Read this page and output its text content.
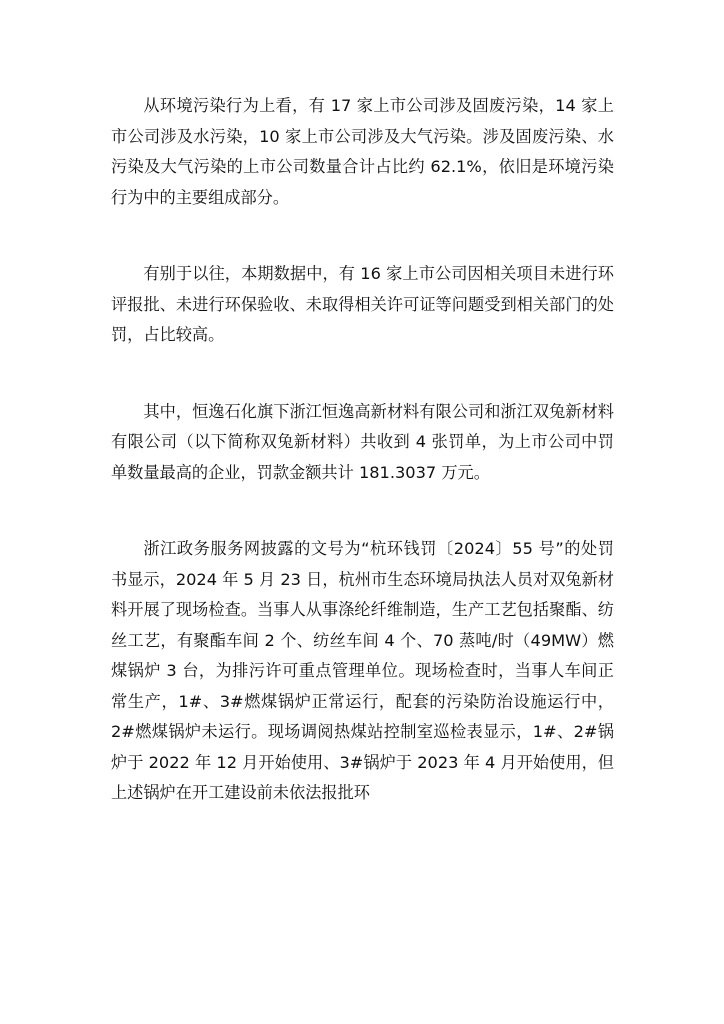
从环境污染行为上看，有 17 家上市公司涉及固废污染，14 家上市公司涉及水污染，10 家上市公司涉及大气污染。涉及固废污染、水污染及大气污染的上市公司数量合计占比约 62.1%，依旧是环境污染行为中的主要组成部分。

有别于以往，本期数据中，有 16 家上市公司因相关项目未进行环评报批、未进行环保验收、未取得相关许可证等问题受到相关部门的处罚，占比较高。

其中，恒逸石化旗下浙江恒逸高新材料有限公司和浙江双兔新材料有限公司（以下简称双兔新材料）共收到 4 张罚单，为上市公司中罚单数量最高的企业，罚款金额共计 181.3037 万元。

浙江政务服务网披露的文号为“杭环钱罚〔2024〕55 号”的处罚书显示，2024 年 5 月 23 日，杭州市生态环境局执法人员对双兔新材料开展了现场检查。当事人从事涤纶纤维制造，生产工艺包括聚酯、纺丝工艺，有聚酯车间 2 个、纺丝车间 4 个、70 蒸吨/时（49MW）燃煤锅炉 3 台，为排污许可重点管理单位。现场检查时，当事人车间正常生产，1#、3#燃煤锅炉正常运行，配套的污染防治设施运行中，2#燃煤锅炉未运行。现场调阅热煤站控制室巡检表显示，1#、2#锅炉于 2022 年 12 月开始使用、3#锅炉于 2023 年 4 月开始使用，但上述锅炉在开工建设前未依法报批环
